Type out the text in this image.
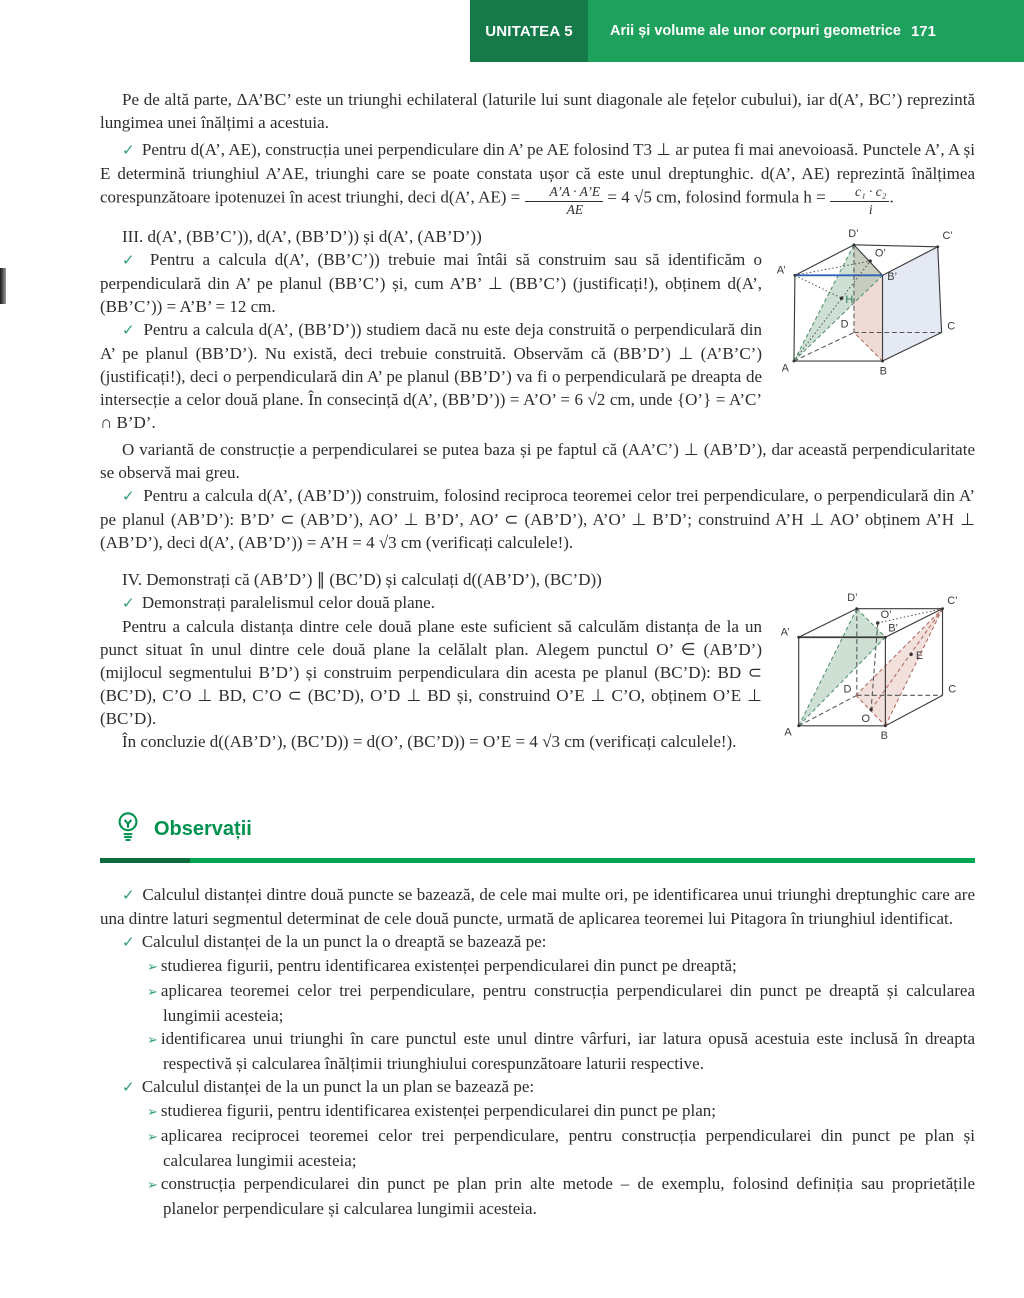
UNITATEA 5	Arii și volume ale unor corpuri geometrice 171

Pe de altă parte, ΔA’BC’ este un triunghi echilateral (laturile lui sunt diagonale ale fețelor cubului), iar d(A’, BC’) reprezintă lungimea unei înălțimi a acestuia.

✓ Pentru d(A’, AE), construcția unei perpendiculare din A’ pe AE folosind T3 ⊥ ar putea fi mai anevoioasă. Punctele A’, A și E determină triunghiul A’AE, triunghi care se poate constata ușor că este unul dreptunghic. d(A’, AE) reprezintă înălțimea corespunzătoare ipotenuzei în acest triunghi, deci d(A’, $AE) = \frac{A’A \cdot A’E}{AE} = 4$ √5 cm, folosind formula $h = \frac{\text{c₁ · c₂}}{i}$ .

D’	C’
A’
B’
O’
H
D	C
A	B

III. d(A’, (BB’C’)), d(A’, (BB’D’)) și d(A’, (AB’D’))

✓ Pentru a calcula d(A’, (BB’C’)) trebuie mai întâi să construim sau să identificăm o perpendiculară din A’ pe planul (BB’C’) și, cum A’B’ ⊥ (BB’C’) (justificați!), obținem d(A’, (BB’C’)) = A’B’ = 12 cm.

✓ Pentru a calcula d(A’, (BB’D’)) studiem dacă nu este deja construită o perpendiculară din A’ pe planul (BB’D’). Nu există, deci trebuie construită. Observăm că (BB’D’) ⊥ (A’B’C’) (justificați!), deci o perpendiculară din A’ pe planul (BB’D’) va fi o perpendiculară pe dreapta de intersecție a celor două plane. În consecință d(A’, (BB’D’)) = A’O’ = 6 √2 cm, unde {O’} = A’C’ ∩ B’D’.

O variantă de construcție a perpendicularei se putea baza și pe faptul că (AA’C’) ⊥ (AB’D’), dar această perpendicularitate se observă mai greu.

✓ Pentru a calcula d(A’, (AB’D’)) construim, folosind reciproca teoremei celor trei perpendiculare, o perpendiculară din A’ pe planul (AB’D’): B’D’ ⊂ (AB’D’), AO’ ⊥ B’D’, AO’ ⊂ (AB’D’), A’O’ ⊥ B’D’; construind A’H ⊥ AO’ obținem A’H ⊥ (AB’D’), deci d(A’, (AB’D’)) = A’H = 4 √3 cm (verificați calculele!).

D’	C’
O’
B’
A’
E
D	C
O
A	B

IV. Demonstrați că (AB’D’) ∥ (BC’D) și calculați d((AB’D’), (BC’D))

✓ Demonstrați paralelismul celor două plane.

Pentru a calcula distanța dintre cele două plane este suficient să calculăm distanța de la un punct situat în unul dintre cele două plane la celălalt plan. Alegem punctul O’ ∈ (AB’D’) (mijlocul segmentului B’D’) și construim perpendiculara din acesta pe planul (BC’D): BD ⊂ (BC’D), C’O ⊥ BD, C’O ⊂ (BC’D), O’D ⊥ BD și, construind O’E ⊥ C’O, obținem O’E ⊥ (BC’D).

În concluzie d((AB’D’), (BC’D)) = d(O’, (BC’D)) = O’E = 4 √3 cm (verificați calculele!).

Observații

✓ Calculul distanței dintre două puncte se bazează, de cele mai multe ori, pe identificarea unui triunghi dreptunghic care are una dintre laturi segmentul determinat de cele două puncte, urmată de aplicarea teoremei lui Pitagora în triunghiul identificat.

✓ Calculul distanței de la un punct la o dreaptă se bazează pe:

➢ studierea figurii, pentru identificarea existenței perpendicularei din punct pe dreaptă;

➢ aplicarea teoremei celor trei perpendiculare, pentru construcția perpendicularei din punct pe dreaptă și calcularea lungimii acesteia;

➢ identificarea unui triunghi în care punctul este unul dintre vârfuri, iar latura opusă acestuia este inclusă în dreapta respectivă și calcularea înălțimii triunghiului corespunzătoare laturii respective.

✓ Calculul distanței de la un punct la un plan se bazează pe:

➢ studierea figurii, pentru identificarea existenței perpendicularei din punct pe plan;

➢ aplicarea reciprocei teoremei celor trei perpendiculare, pentru construcția perpendicularei din punct pe plan și calcularea lungimii acesteia;

➢ construcția perpendicularei din punct pe plan prin alte metode – de exemplu, folosind definiția sau proprietățile planelor perpendiculare și calcularea lungimii acesteia.
